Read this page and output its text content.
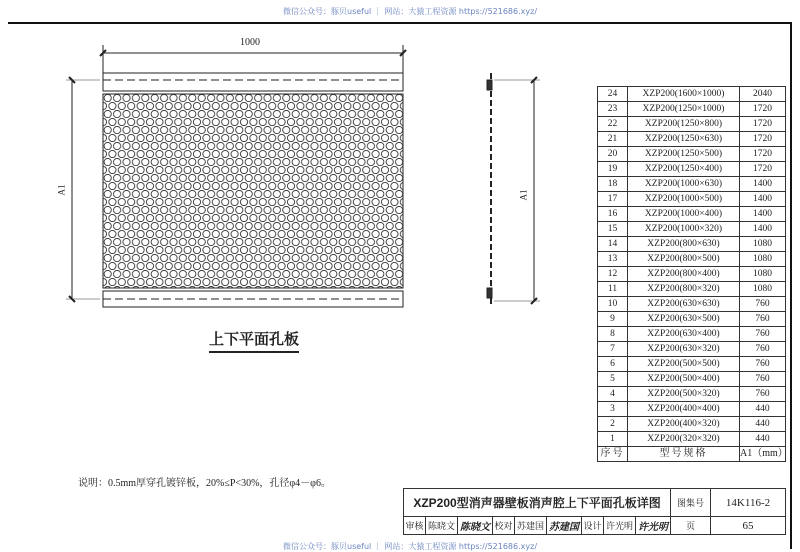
微信公众号：豚贝useful ｜ 网站：大猿工程资源 https://521686.xyz/
1000
A1	A1
上下平面孔板
24	XZP200(1600×1000)	2040
23	XZP200(1250×1000)	1720
22	XZP200(1250×800)	1720
21	XZP200(1250×630)	1720
20	XZP200(1250×500)	1720
19	XZP200(1250×400)	1720
18	XZP200(1000×630)	1400
17	XZP200(1000×500)	1400
16	XZP200(1000×400)	1400
15	XZP200(1000×320)	1400
14	XZP200(800×630)	1080
13	XZP200(800×500)	1080
12	XZP200(800×400)	1080
11	XZP200(800×320)	1080
10	XZP200(630×630)	760
9	XZP200(630×500)	760
8	XZP200(630×400)	760
7	XZP200(630×320)	760
6	XZP200(500×500)	760
5	XZP200(500×400)	760
4	XZP200(500×320)	760
3	XZP200(400×400)	440
2	XZP200(400×320)	440
1	XZP200(320×320)	440
序号	型号规格	A1（mm）
说明：0.5mm厚穿孔镀锌板，20%≤P<30%，孔径φ4－φ6。
XZP200型消声器壁板消声腔上下平面孔板详图									图集号	14K116-2
审核	陈晓文	陈晓文	校对	苏建国	苏建国	设计	许光明	许光明	页	65
微信公众号：豚贝useful ｜ 网站：大猿工程资源 https://521686.xyz/
